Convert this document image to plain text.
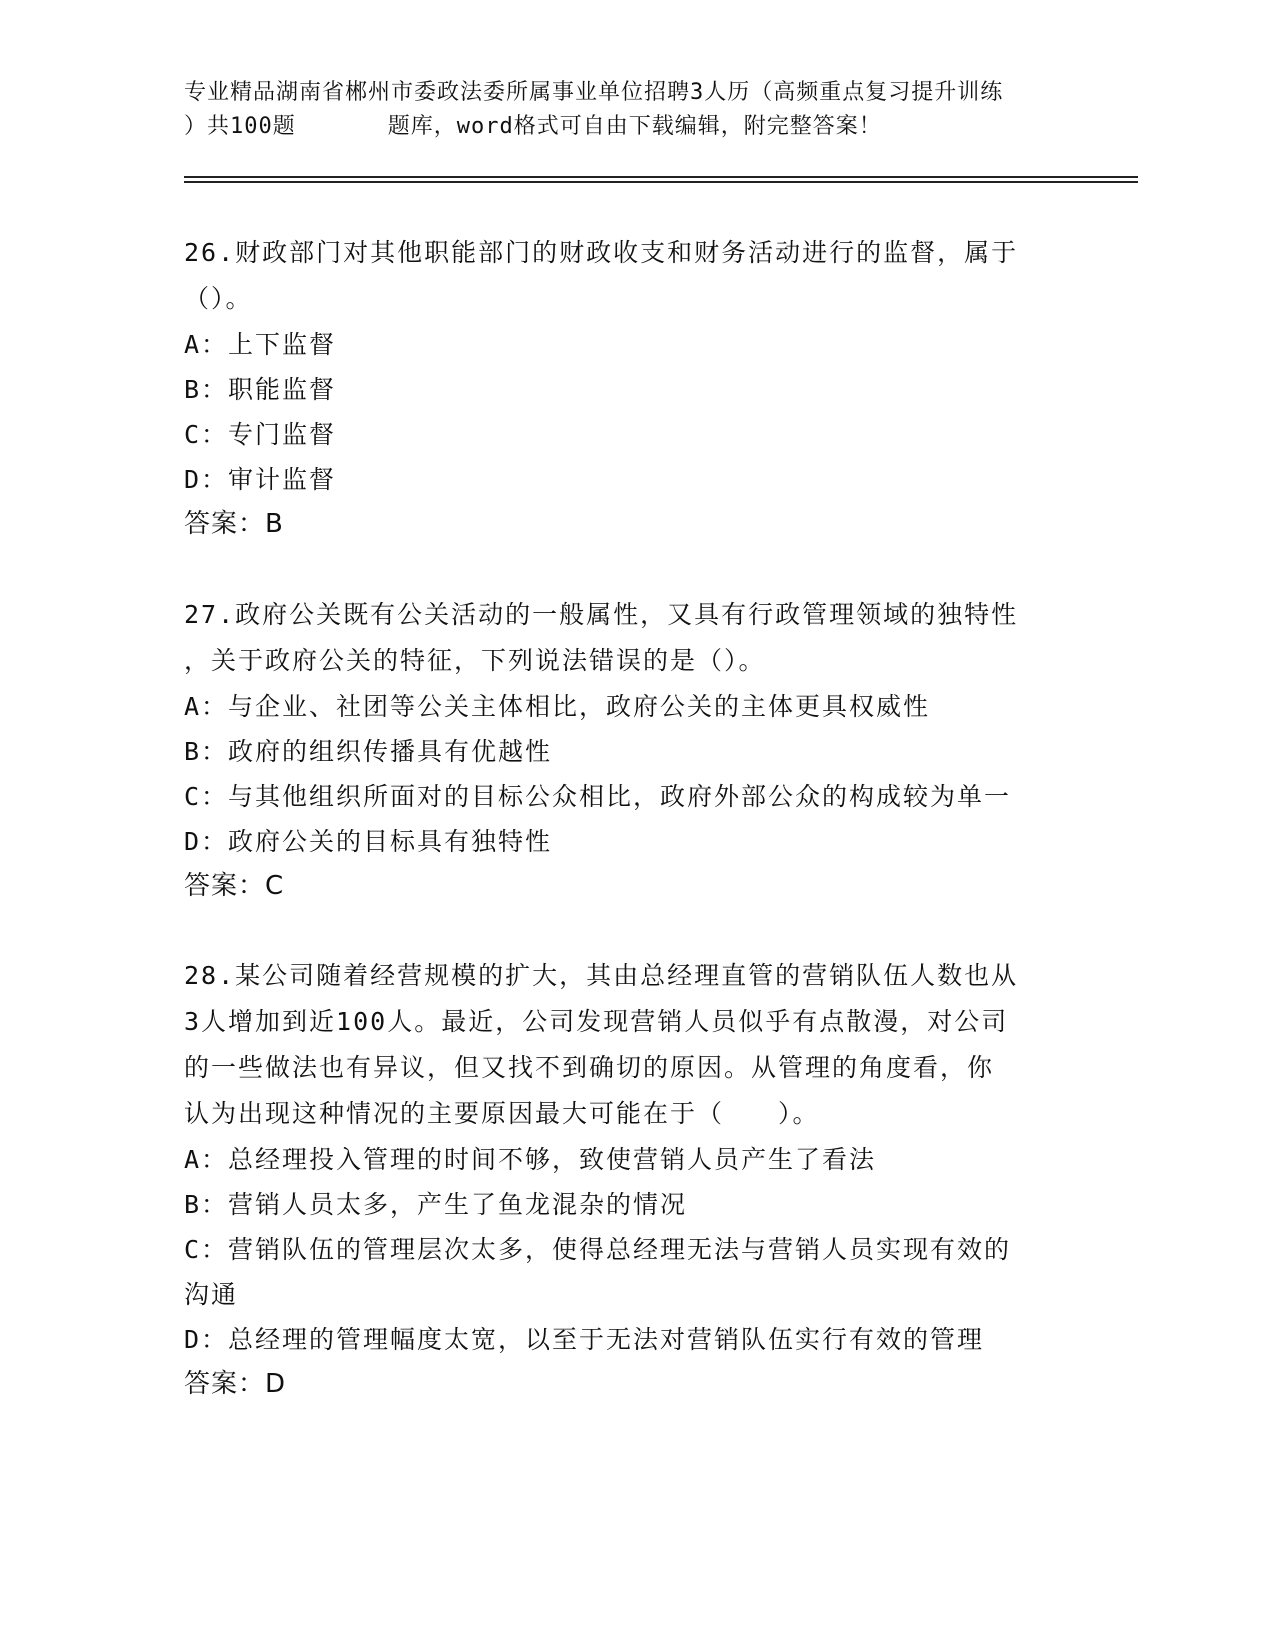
专业精品湖南省郴州市委政法委所属事业单位招聘3人历（高频重点复习提升训练
）共100题　　　　题库，word格式可自由下载编辑，附完整答案！
26.财政部门对其他职能部门的财政收支和财务活动进行的监督，属于
（）。
A：上下监督
B：职能监督
C：专门监督
D：审计监督
答案：B
27.政府公关既有公关活动的一般属性，又具有行政管理领域的独特性
，关于政府公关的特征，下列说法错误的是（）。
A：与企业、社团等公关主体相比，政府公关的主体更具权威性
B：政府的组织传播具有优越性
C：与其他组织所面对的目标公众相比，政府外部公众的构成较为单一
D：政府公关的目标具有独特性
答案：C
28.某公司随着经营规模的扩大，其由总经理直管的营销队伍人数也从
3人增加到近100人。最近，公司发现营销人员似乎有点散漫，对公司
的一些做法也有异议，但又找不到确切的原因。从管理的角度看，你
认为出现这种情况的主要原因最大可能在于（　　）。
A：总经理投入管理的时间不够，致使营销人员产生了看法
B：营销人员太多，产生了鱼龙混杂的情况
C：营销队伍的管理层次太多，使得总经理无法与营销人员实现有效的
沟通
D：总经理的管理幅度太宽，以至于无法对营销队伍实行有效的管理
答案：D
